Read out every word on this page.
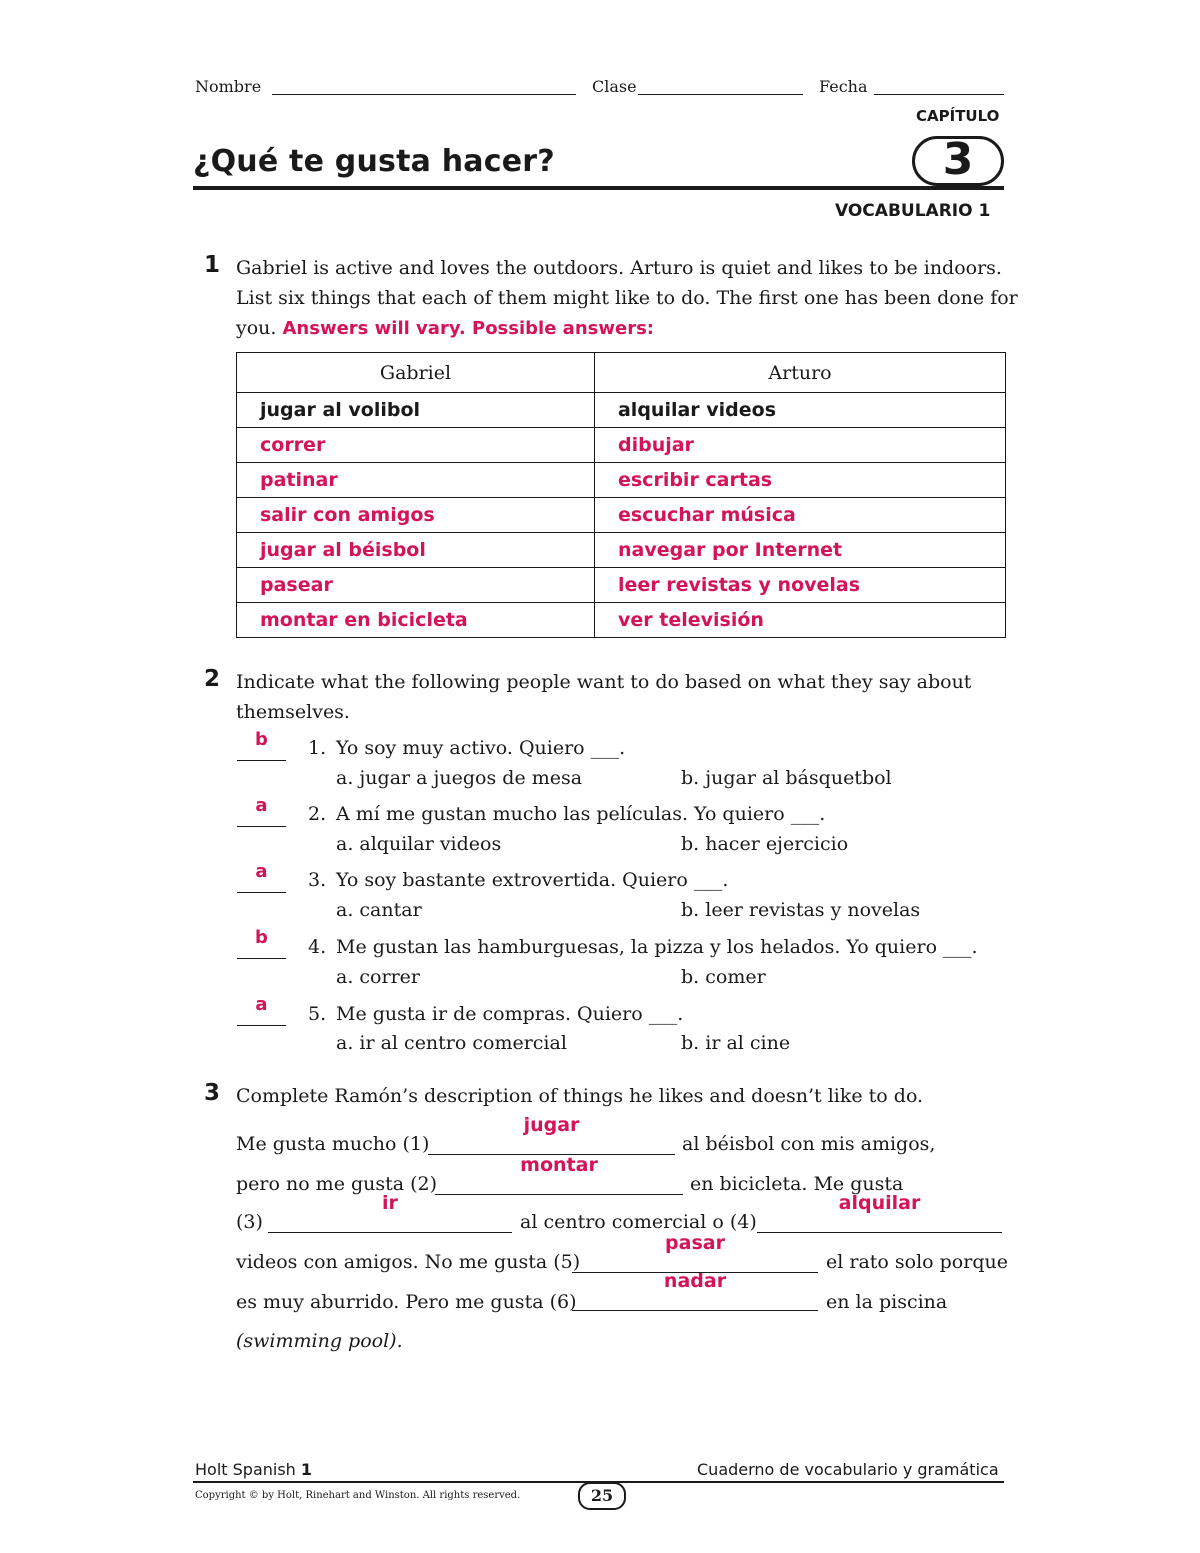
Nombre	Clase	Fecha
CAPÍTULO
¿Qué te gusta hacer?	3
VOCABULARIO 1
1 Gabriel is active and loves the outdoors. Arturo is quiet and likes to be indoors.
List six things that each of them might like to do. The first one has been done for
you. Answers will vary. Possible answers:
Gabriel	Arturo
jugar al volibol	alquilar videos
correr	dibujar
patinar	escribir cartas
salir con amigos	escuchar música
jugar al béisbol	navegar por Internet
pasear	leer revistas y novelas
montar en bicicleta	ver televisión
2 Indicate what the following people want to do based on what they say about
themselves.
b	1. Yo soy muy activo. Quiero ___.
a. jugar a juegos de mesa	b. jugar al básquetbol
a	2. A mí me gustan mucho las películas. Yo quiero ___.
a. alquilar videos	b. hacer ejercicio
a	3. Yo soy bastante extrovertida. Quiero ___.
a. cantar	b. leer revistas y novelas
b	4. Me gustan las hamburguesas, la pizza y los helados. Yo quiero ___.
a. correr	b. comer
a	5. Me gusta ir de compras. Quiero ___.
a. ir al centro comercial	b. ir al cine
3 Complete Ramón’s description of things he likes and doesn’t like to do.
Me gusta mucho (1)
jugar
al béisbol con mis amigos,
pero no me gusta (2)
montar
en bicicleta. Me gusta
(3)
ir
al centro comercial o (4)
alquilar
videos con amigos. No me gusta (5)
pasar
el rato solo porque
es muy aburrido. Pero me gusta (6)
nadar
en la piscina
(swimming pool).
Holt Spanish 1	Cuaderno de vocabulario y gramática
Copyright © by Holt, Rinehart and Winston. All rights reserved.	25
